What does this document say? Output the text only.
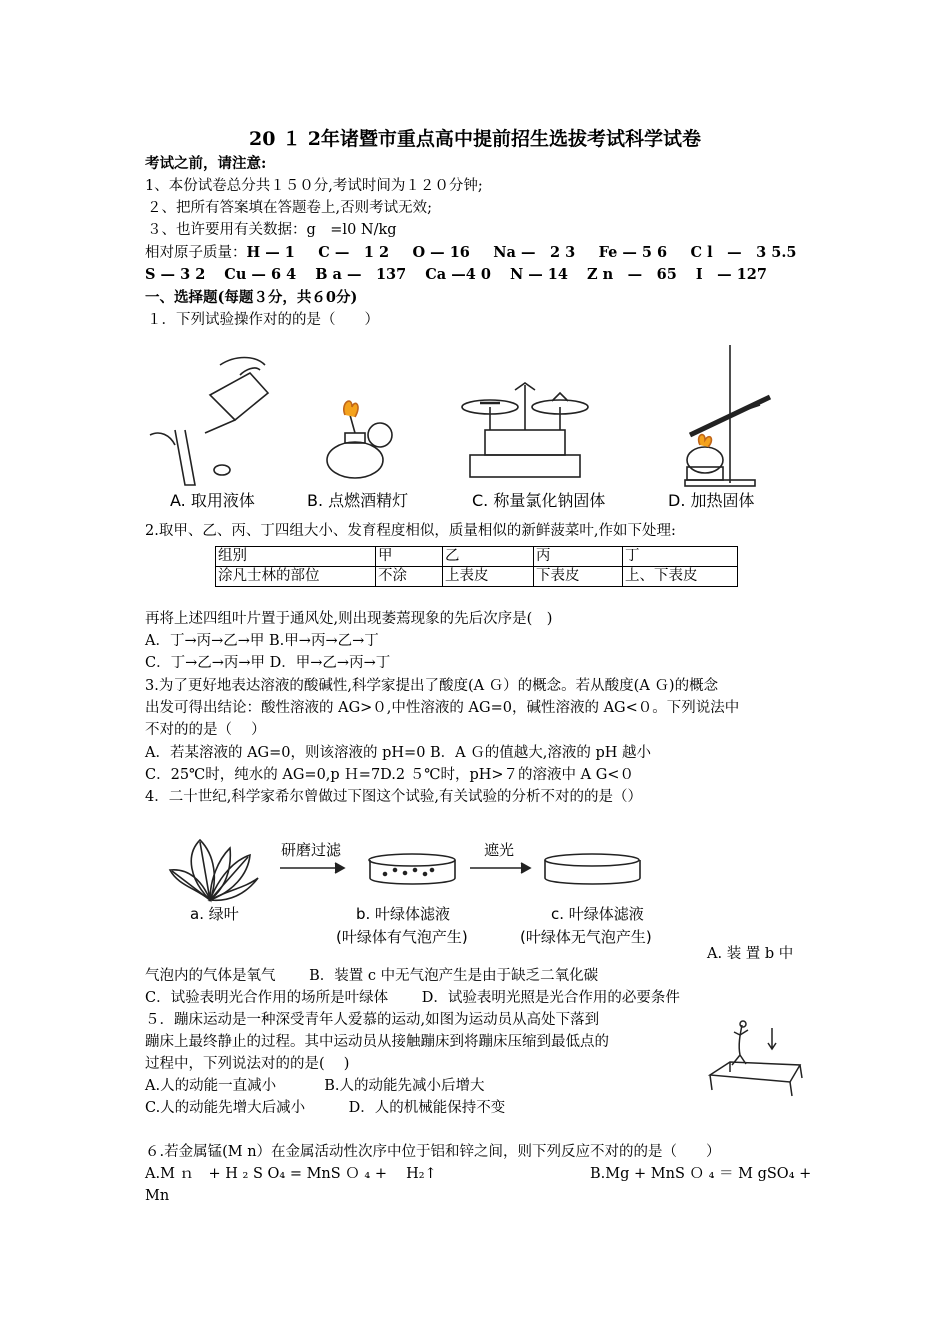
20 １ 2年诸暨市重点高中提前招生选拔考试科学试卷
考试之前，请注意:
1、本份试卷总分共１５０分,考试时间为１２０分钟;
２、把所有答案填在答题卷上,否则考试无效;
３、也许要用有关数据：g　=l0 N/kg
相对原子质量： H — 1 C —　1 2 O — 16 Na —　2 3 Fe — 5 6 C l　—　3 5.5
S — 3 2 Cu — 6 4 B a —　137 Ca —4 0 N — 14 Z n　—　65 I　— 127
一、选择题(每题３分，共６0分)
１．下列试验操作对的的是（　　）
A. 取用液体	B. 点燃酒精灯	C. 称量氯化钠固体	D. 加热固体
2.取甲、乙、丙、丁四组大小、发育程度相似，质量相似的新鲜菠菜叶,作如下处理:
组别	甲	乙	丙	丁
涂凡士林的部位	不涂	上表皮	下表皮	上、下表皮
再将上述四组叶片置于通风处,则出现萎蔫现象的先后次序是(　)
A．丁→丙→乙→甲 B.甲→丙→乙→丁
C．丁→乙→丙→甲 D．甲→乙→丙→丁
3.为了更好地表达溶液的酸碱性,科学家提出了酸度(A Ｇ）的概念。若从酸度(A Ｇ)的概念
出发可得出结论：酸性溶液的 AG>０,中性溶液的 AG=0，碱性溶液的 AG<０。下列说法中
不对的的是（　 ）
A．若某溶液的 AG=0，则该溶液的 pH=0 B．A Ｇ的值越大,溶液的 pH 越小
C．25℃时，纯水的 AG=0,p Ｈ=7D.2 ５℃时，pH>７的溶液中 A G<０
4．二十世纪,科学家希尔曾做过下图这个试验,有关试验的分析不对的的是（）
研磨过滤	遮光
a. 绿叶	b. 叶绿体滤液
(叶绿体有气泡产生)
c. 叶绿体滤液
(叶绿体无气泡产生)
A. 装 置 b 中
气泡内的气体是氧气　　 B．装置 c 中无气泡产生是由于缺乏二氧化碳
C．试验表明光合作用的场所是叶绿体　　 D．试验表明光照是光合作用的必要条件
５．蹦床运动是一种深受青年人爱慕的运动,如图为运动员从高处下落到
蹦床上最终静止的过程。其中运动员从接触蹦床到将蹦床压缩到最低点的
过程中，下列说法对的的是(　 )
A.人的动能一直减小　　　 B.人的动能先减小后增大
C.人的动能先增大后减小　　　D．人的机械能保持不变
６.若金属锰(M n）在金属活动性次序中位于铝和锌之间，则下列反应不对的的是（　　）
A.M ｎ　+ H ₂ S O₄ = MnS Ｏ ₄ +　 H₂↑	B.Mg + MnS Ｏ ₄ ＝ M gSO₄ +
Mn
